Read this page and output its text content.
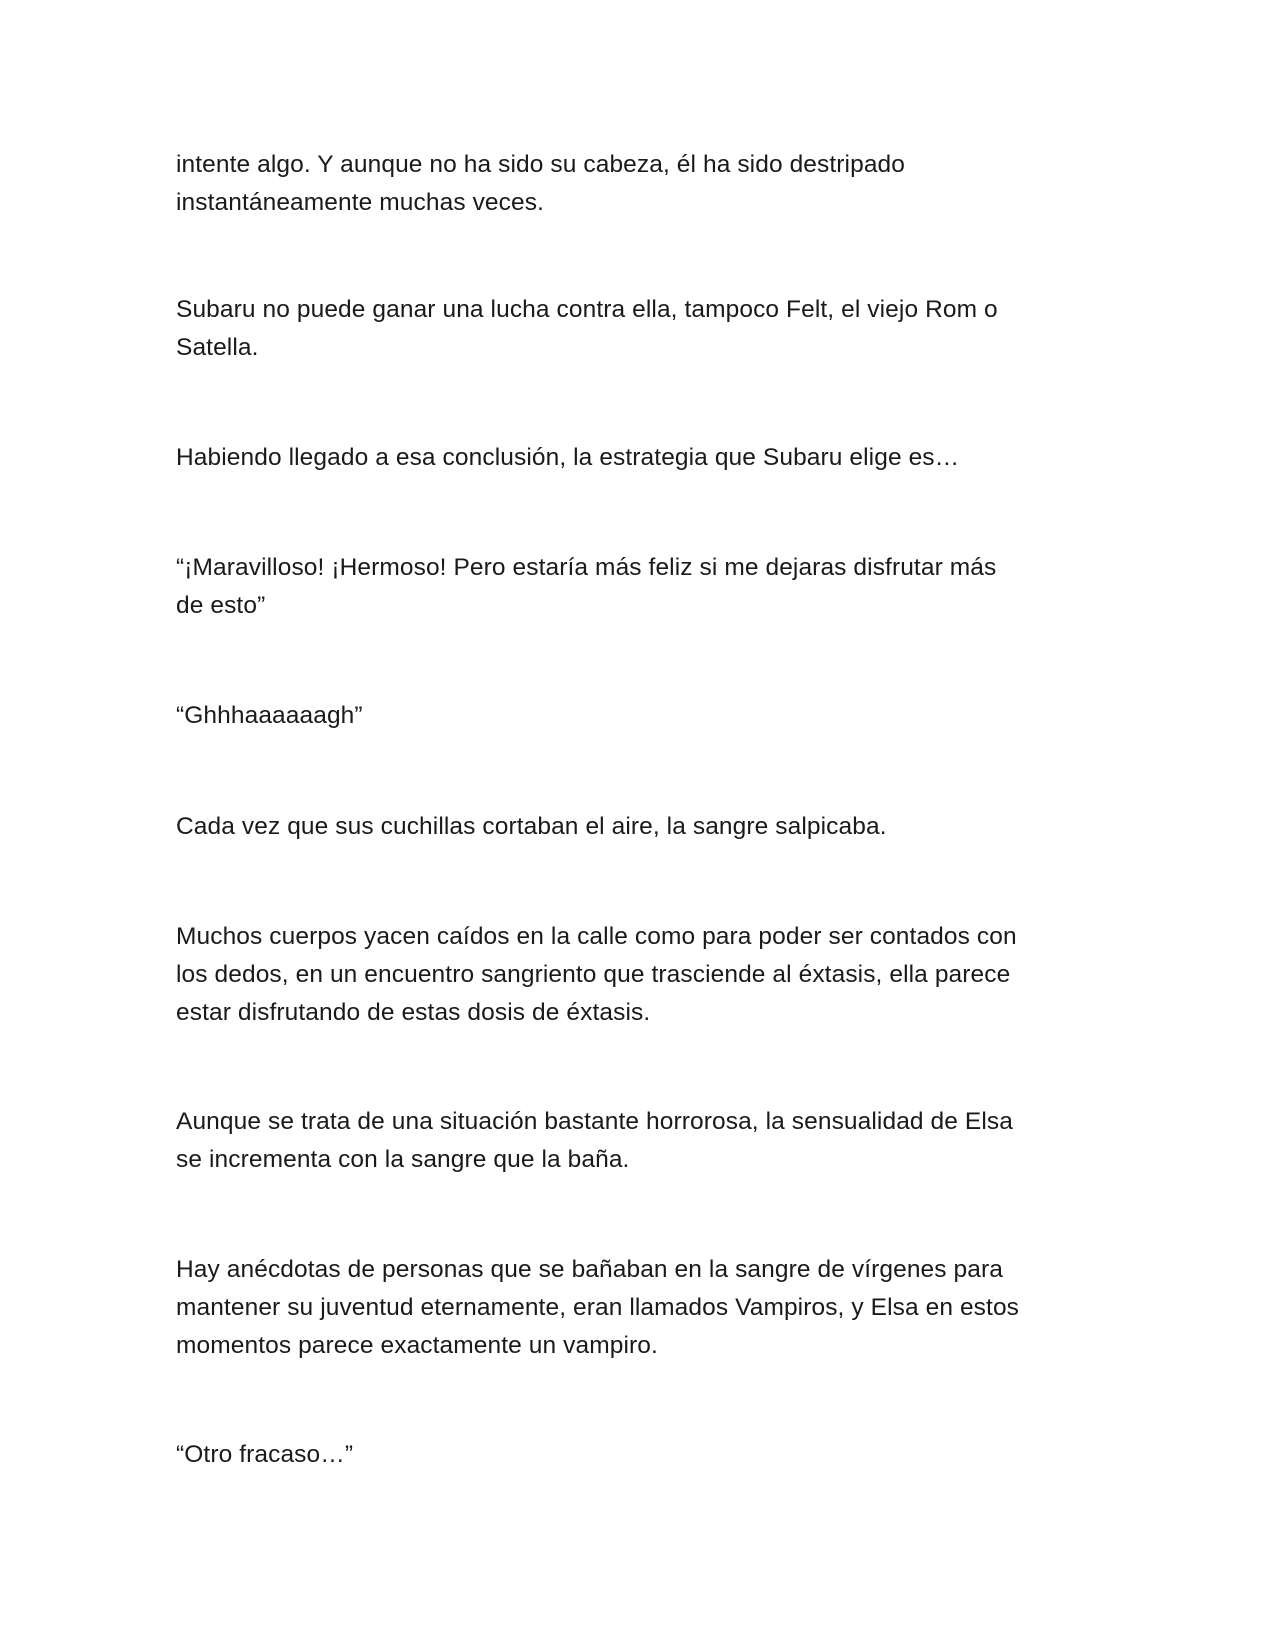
intente algo. Y aunque no ha sido su cabeza, él ha sido destripado
instantáneamente muchas veces.
Subaru no puede ganar una lucha contra ella, tampoco Felt, el viejo Rom o
Satella.
Habiendo llegado a esa conclusión, la estrategia que Subaru elige es…
“¡Maravilloso! ¡Hermoso! Pero estaría más feliz si me dejaras disfrutar más
de esto”
“Ghhhaaaaaagh”
Cada vez que sus cuchillas cortaban el aire, la sangre salpicaba.
Muchos cuerpos yacen caídos en la calle como para poder ser contados con
los dedos, en un encuentro sangriento que trasciende al éxtasis, ella parece
estar disfrutando de estas dosis de éxtasis.
Aunque se trata de una situación bastante horrorosa, la sensualidad de Elsa
se incrementa con la sangre que la baña.
Hay anécdotas de personas que se bañaban en la sangre de vírgenes para
mantener su juventud eternamente, eran llamados Vampiros, y Elsa en estos
momentos parece exactamente un vampiro.
“Otro fracaso…”
